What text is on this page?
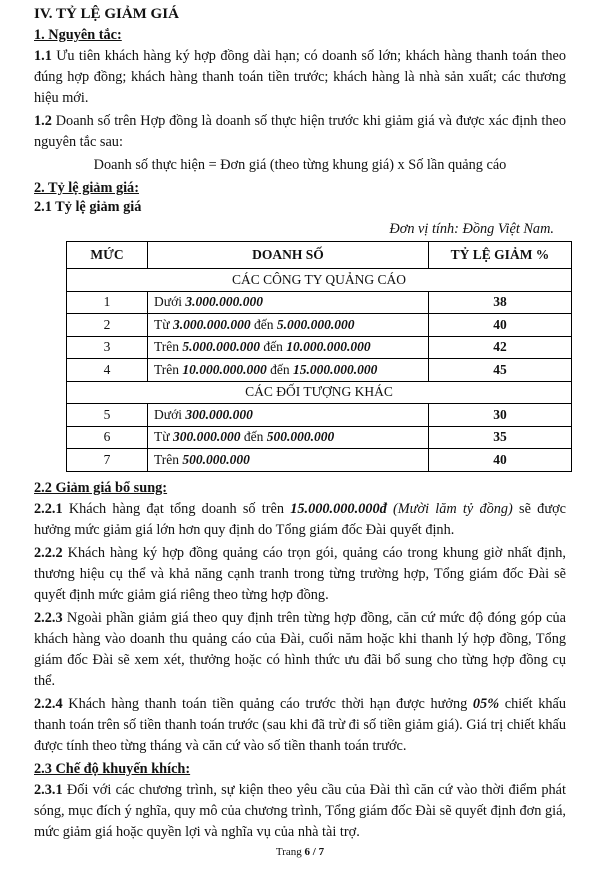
IV. TỶ LỆ GIẢM GIÁ
1. Nguyên tắc:
1.1 Ưu tiên khách hàng ký hợp đồng dài hạn; có doanh số lớn; khách hàng thanh toán theo đúng hợp đồng; khách hàng thanh toán tiền trước; khách hàng là nhà sản xuất; các thương hiệu mới.
1.2 Doanh số trên Hợp đồng là doanh số thực hiện trước khi giảm giá và được xác định theo nguyên tắc sau:
Doanh số thực hiện = Đơn giá (theo từng khung giá) x Số lần quảng cáo
2. Tỷ lệ giảm giá:
2.1 Tỷ lệ giảm giá
Đơn vị tính: Đồng Việt Nam.
MỨC	DOANH SỐ	TỶ LỆ GIẢM %
CÁC CÔNG TY QUẢNG CÁO		
1	Dưới 3.000.000.000	38
2	Từ 3.000.000.000 đến 5.000.000.000	40
3	Trên 5.000.000.000 đến 10.000.000.000	42
4	Trên 10.000.000.000 đến 15.000.000.000	45
CÁC ĐỐI TƯỢNG KHÁC		
5	Dưới 300.000.000	30
6	Từ 300.000.000 đến 500.000.000	35
7	Trên 500.000.000	40
2.2 Giảm giá bổ sung:
2.2.1 Khách hàng đạt tổng doanh số trên 15.000.000.000đ (Mười lăm tỷ đồng) sẽ được hưởng mức giảm giá lớn hơn quy định do Tổng giám đốc Đài quyết định.
2.2.2 Khách hàng ký hợp đồng quảng cáo trọn gói, quảng cáo trong khung giờ nhất định, thương hiệu cụ thể và khả năng cạnh tranh trong từng trường hợp, Tổng giám đốc Đài sẽ quyết định mức giảm giá riêng theo từng hợp đồng.
2.2.3 Ngoài phần giảm giá theo quy định trên từng hợp đồng, căn cứ mức độ đóng góp của khách hàng vào doanh thu quảng cáo của Đài, cuối năm hoặc khi thanh lý hợp đồng, Tổng giám đốc Đài sẽ xem xét, thưởng hoặc có hình thức ưu đãi bổ sung cho từng hợp đồng cụ thể.
2.2.4 Khách hàng thanh toán tiền quảng cáo trước thời hạn được hưởng 05% chiết khấu thanh toán trên số tiền thanh toán trước (sau khi đã trừ đi số tiền giảm giá). Giá trị chiết khấu được tính theo từng tháng và căn cứ vào số tiền thanh toán trước.
2.3 Chế độ khuyến khích:
2.3.1 Đối với các chương trình, sự kiện theo yêu cầu của Đài thì căn cứ vào thời điểm phát sóng, mục đích ý nghĩa, quy mô của chương trình, Tổng giám đốc Đài sẽ quyết định đơn giá, mức giảm giá hoặc quyền lợi và nghĩa vụ của nhà tài trợ.
Trang 6 / 7
